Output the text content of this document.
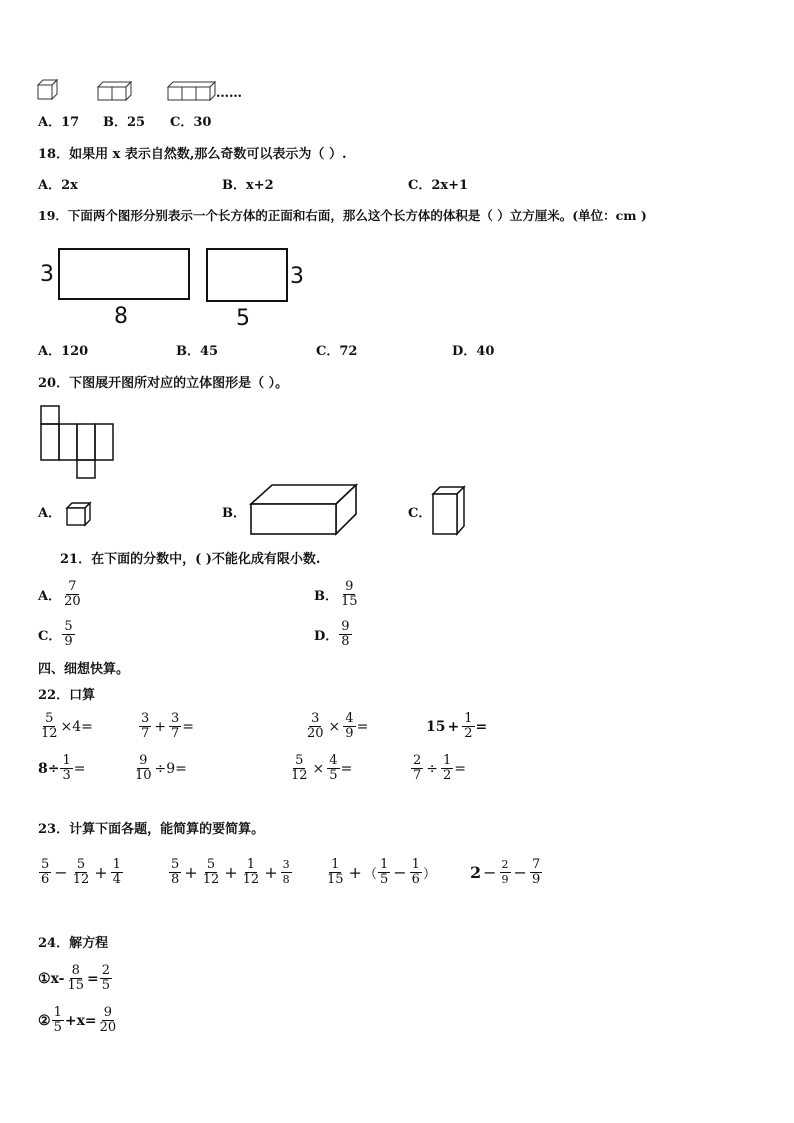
……
A．17 B．25 C．30
18．如果用 x 表示自然数,那么奇数可以表示为（ ）.
A．2x	B．x+2	C．2x+1
19．下面两个图形分别表示一个长方体的正面和右面，那么这个长方体的体积是（ ）立方厘米。(单位：cm )
3
8
3
5
A．120	B．45	C．72	D．40
20．下图展开图所对应的立体图形是（ ）。
A．	B．	C．
21．在下面的分数中，( )不能化成有限小数.
A． $\frac{7}{20}$	B． $\frac{9}{15}$
C． $\frac{5}{9}$	D． $\frac{9}{8}$
四、细想快算。
22．口算
$\frac{5}{12} \times 4=$	$\frac{3}{7} + \frac{3}{7}$ =	$\frac{3}{20} \times \frac{4}{9}$ =	$15 + \frac{1}{2}$ =
$8\div \frac{1}{3}$ =	$\frac{9}{10} \div 9=$	$\frac{5}{12} \times \frac{4}{5}$ =	$\frac{2}{7} \div \frac{1}{2}$ =
23．计算下面各题，能简算的要简算。
$\frac{5}{6} - \frac{5}{12} + \frac{1}{4}$	$\frac{5}{8} + \frac{5}{12} + \frac{1}{12} + \frac{3}{8}$	$\frac{1}{15}$ + （ $\frac{1}{5} - \frac{1}{6}$ ） $2 - \frac{2}{9} - \frac{7}{9}$
24．解方程
① $x- \frac{8}{15} = \frac{2}{5}$
② $\frac{1}{5} +x= \frac{9}{20}$
